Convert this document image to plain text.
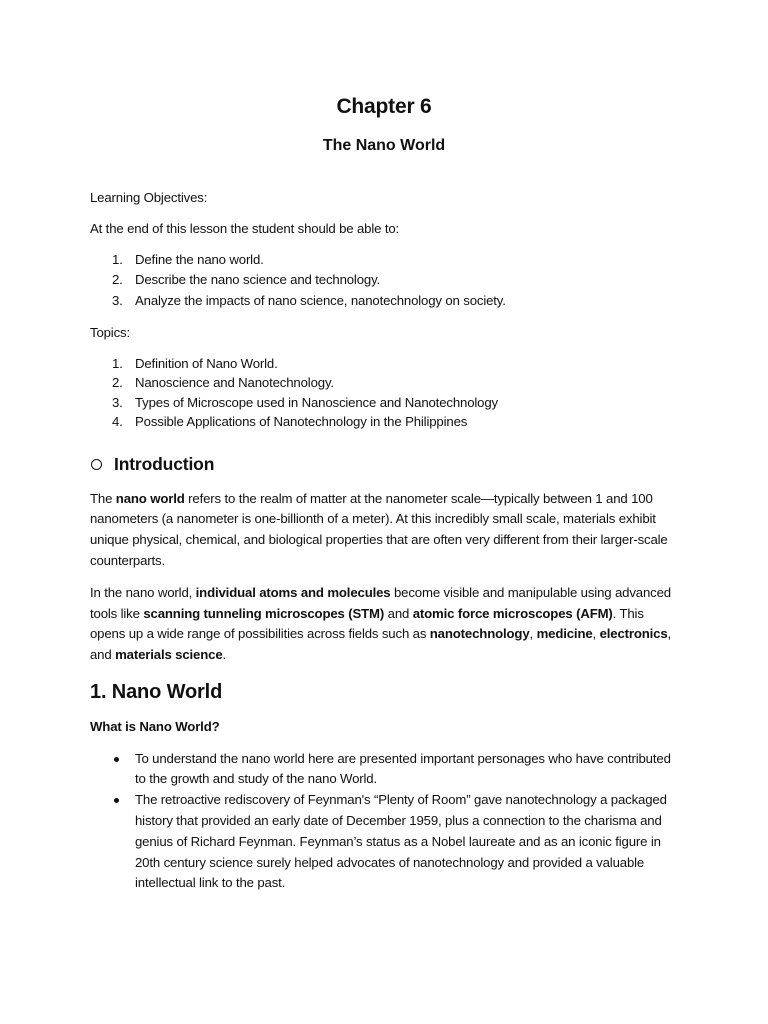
Chapter 6
The Nano World

Learning Objectives:

At the end of this lesson the student should be able to:

1. Define the nano world.
2. Describe the nano science and technology.
3. Analyze the impacts of nano science, nanotechnology on society.

Topics:

1. Definition of Nano World.
2. Nanoscience and Nanotechnology.
3. Types of Microscope used in Nanoscience and Nanotechnology
4. Possible Applications of Nanotechnology in the Philippines
Introduction

The nano world refers to the realm of matter at the nanometer scale—typically between 1 and 100 nanometers (a nanometer is one-billionth of a meter). At this incredibly small scale, materials exhibit unique physical, chemical, and biological properties that are often very different from their larger-scale counterparts.

In the nano world, individual atoms and molecules become visible and manipulable using advanced tools like scanning tunneling microscopes (STM) and atomic force microscopes (AFM). This opens up a wide range of possibilities across fields such as nanotechnology, medicine, electronics, and materials science.

1. Nano World
What is Nano World?
To understand the nano world here are presented important personages who have contributed to the growth and study of the nano World.
The retroactive rediscovery of Feynman's “Plenty of Room” gave nanotechnology a packaged history that provided an early date of December 1959, plus a connection to the charisma and genius of Richard Feynman. Feynman’s status as a Nobel laureate and as an iconic figure in 20th century science surely helped advocates of nanotechnology and provided a valuable intellectual link to the past.
